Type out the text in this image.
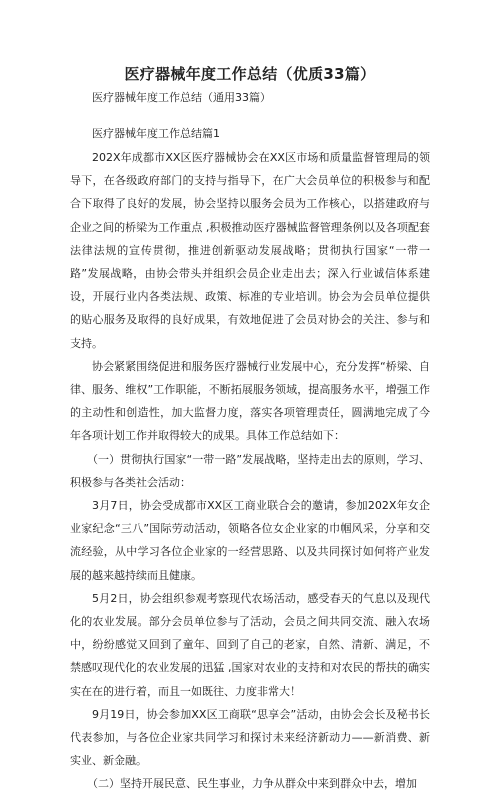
医疗器械年度工作总结（优质33篇）

医疗器械年度工作总结（通用33篇）

医疗器械年度工作总结篇1

202X年成都市XX区医疗器械协会在XX区市场和质量监督管理局的领导下，在各级政府部门的支持与指导下，在广大会员单位的积极参与和配合下取得了良好的发展，协会坚持以服务会员为工作核心，以搭建政府与企业之间的桥梁为工作重点 ,积极推动医疗器械监督管理条例以及各项配套法律法规的宣传贯彻，推进创新驱动发展战略；贯彻执行国家“一带一路”发展战略，由协会带头并组织会员企业走出去；深入行业诚信体系建设，开展行业内各类法规、政策、标准的专业培训。协会为会员单位提供的贴心服务及取得的良好成果，有效地促进了会员对协会的关注、参与和支持。

协会紧紧围绕促进和服务医疗器械行业发展中心，充分发挥“桥梁、自律、服务、维权”工作职能，不断拓展服务领域，提高服务水平，增强工作的主动性和创造性，加大监督力度，落实各项管理责任，圆满地完成了今年各项计划工作并取得较大的成果。具体工作总结如下：

（一）贯彻执行国家“一带一路”发展战略，坚持走出去的原则，学习、积极参与各类社会活动：

3月7日，协会受成都市XX区工商业联合会的邀请，参加202X年女企业家纪念“三八”国际劳动活动，领略各位女企业家的巾帼风采，分享和交流经验，从中学习各位企业家的一经营思路、以及共同探讨如何将产业发展的越来越持续而且健康。

5月2日，协会组织参观考察现代农场活动，感受春天的气息以及现代化的农业发展。部分会员单位参与了活动，会员之间共同交流、融入农场中，纷纷感觉又回到了童年、回到了自己的老家，自然、清新、满足，不禁感叹现代化的农业发展的迅猛 ,国家对农业的支持和对农民的帮扶的确实实在在的进行着，而且一如既往、力度非常大！

9月19日，协会参加XX区工商联“思享会”活动，由协会会长及秘书长代表参加，与各位企业家共同学习和探讨未来经济新动力——新消费、新实业、新金融。

（二）坚持开展民意、民生事业，力争从群众中来到群众中去，增加
